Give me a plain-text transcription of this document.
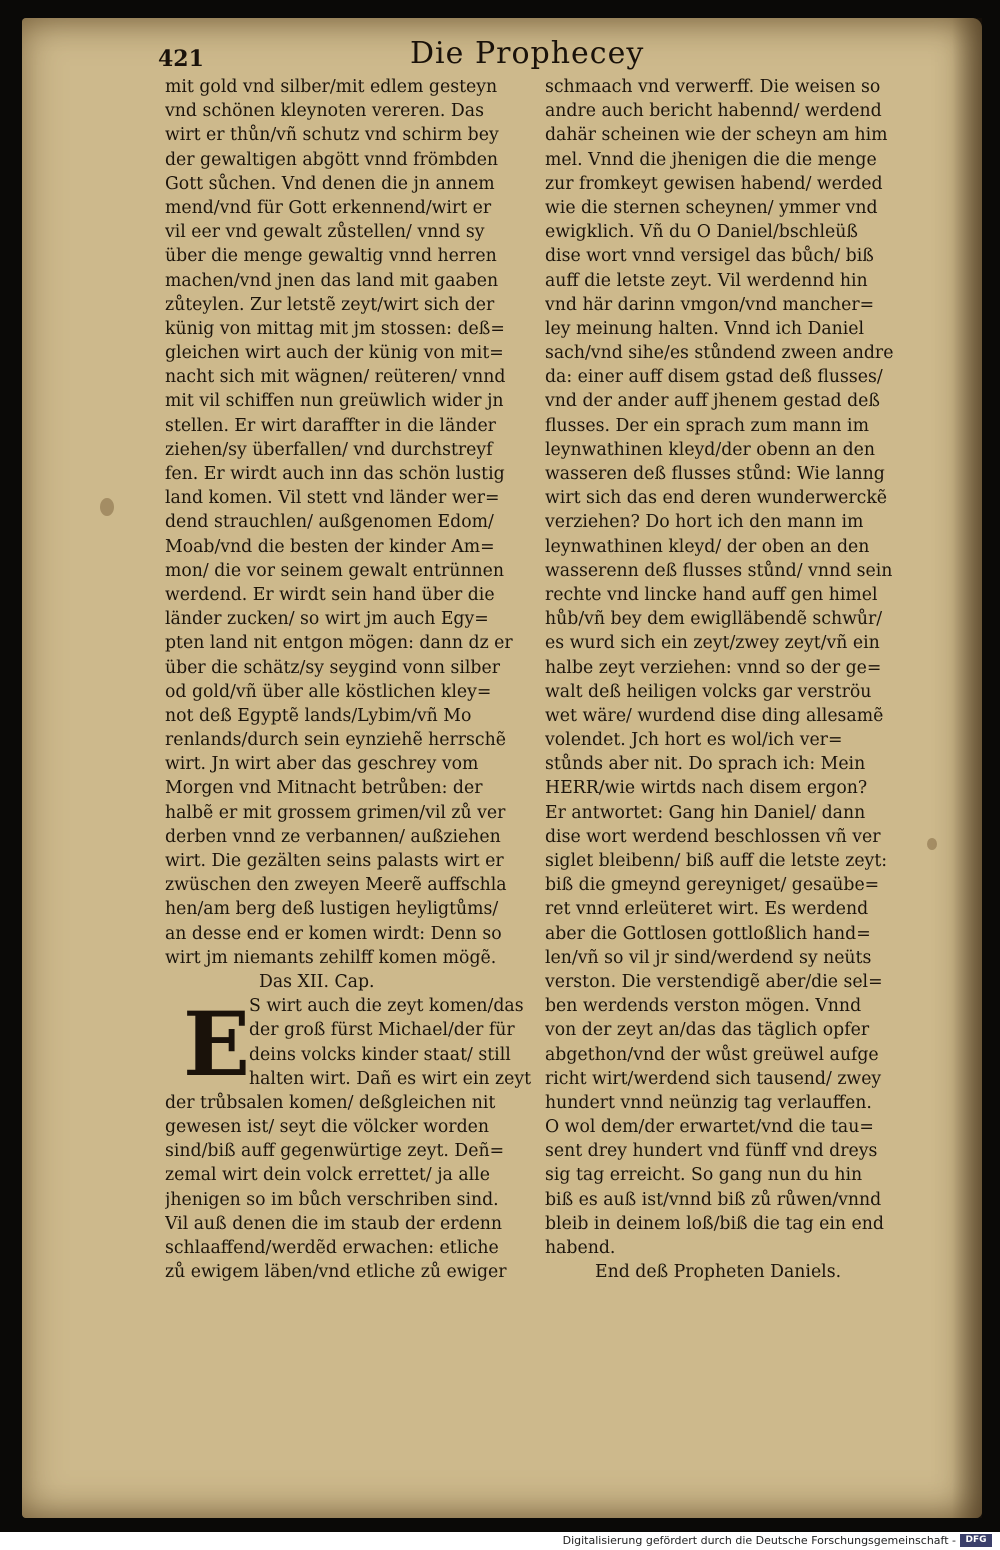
421	Die Prophecey
mit gold vnd silber/mit edlem gesteyn
vnd schönen kleynoten vereren. Das
wirt er thůn/vñ schutz vnd schirm bey
der gewaltigen abgött vnnd frömbden
Gott sůchen. Vnd denen die jn annem
mend/vnd für Gott erkennend/wirt er
vil eer vnd gewalt zůstellen/ vnnd sy
über die menge gewaltig vnnd herren
machen/vnd jnen das land mit gaaben
zůteylen. Zur letstẽ zeyt/wirt sich der
künig von mittag mit jm stossen: deß=
gleichen wirt auch der künig von mit=
nacht sich mit wägnen/ reüteren/ vnnd
mit vil schiffen nun greüwlich wider jn
stellen. Er wirt daraffter in die länder
ziehen/sy überfallen/ vnd durchstreyf
fen. Er wirdt auch inn das schön lustig
land komen. Vil stett vnd länder wer=
dend strauchlen/ außgenomen Edom/
Moab/vnd die besten der kinder Am=
mon/ die vor seinem gewalt entrünnen
werdend. Er wirdt sein hand über die
länder zucken/ so wirt jm auch Egy=
pten land nit entgon mögen: dann dz er
über die schätz/sy seygind vonn silber
od gold/vñ über alle köstlichen kley=
not deß Egyptẽ lands/Lybim/vñ Mo
renlands/durch sein eynziehẽ herrschẽ
wirt. Jn wirt aber das geschrey vom
Morgen vnd Mitnacht betrůben: der
halbẽ er mit grossem grimen/vil zů ver
derben vnnd ze verbannen/ außziehen
wirt. Die gezälten seins palasts wirt er
zwüschen den zweyen Meerẽ auffschla
hen/am berg deß lustigen heyligtůms/
an desse end er komen wirdt: Denn so
wirt jm niemants zehilff komen mögẽ.
Das XII. Cap.
E
S wirt auch die zeyt komen/das
der groß fürst Michael/der für
deins volcks kinder staat/ still
halten wirt. Dañ es wirt ein zeyt
der trůbsalen komen/ deßgleichen nit
gewesen ist/ seyt die völcker worden
sind/biß auff gegenwürtige zeyt. Deñ=
zemal wirt dein volck errettet/ ja alle
jhenigen so im bůch verschriben sind.
Vil auß denen die im staub der erdenn
schlaaffend/werdẽd erwachen: etliche
zů ewigem läben/vnd etliche zů ewiger
schmaach vnd verwerff. Die weisen so
andre auch bericht habennd/ werdend
dahär scheinen wie der scheyn am him
mel. Vnnd die jhenigen die die menge
zur fromkeyt gewisen habend/ werded
wie die sternen scheynen/ ymmer vnd
ewigklich. Vñ du O Daniel/bschleüß
dise wort vnnd versigel das bůch/ biß
auff die letste zeyt. Vil werdennd hin
vnd här darinn vmgon/vnd mancher=
ley meinung halten. Vnnd ich Daniel
sach/vnd sihe/es stůndend zween andre
da: einer auff disem gstad deß flusses/
vnd der ander auff jhenem gestad deß
flusses. Der ein sprach zum mann im
leynwathinen kleyd/der obenn an den
wasseren deß flusses stůnd: Wie lanng
wirt sich das end deren wunderwerckẽ
verziehen? Do hort ich den mann im
leynwathinen kleyd/ der oben an den
wasserenn deß flusses stůnd/ vnnd sein
rechte vnd lincke hand auff gen himel
hůb/vñ bey dem ewiglläbendẽ schwůr/
es wurd sich ein zeyt/zwey zeyt/vñ ein
halbe zeyt verziehen: vnnd so der ge=
walt deß heiligen volcks gar verströu
wet wäre/ wurdend dise ding allesamẽ
volendet. Jch hort es wol/ich ver=
stůnds aber nit. Do sprach ich: Mein
HERR/wie wirtds nach disem ergon?
Er antwortet: Gang hin Daniel/ dann
dise wort werdend beschlossen vñ ver
siglet bleibenn/ biß auff die letste zeyt:
biß die gmeynd gereyniget/ gesaübe=
ret vnnd erleüteret wirt. Es werdend
aber die Gottlosen gottloßlich hand=
len/vñ so vil jr sind/werdend sy neüts
verston. Die verstendigẽ aber/die sel=
ben werdends verston mögen. Vnnd
von der zeyt an/das das täglich opfer
abgethon/vnd der wůst greüwel aufge
richt wirt/werdend sich tausend/ zwey
hundert vnnd neünzig tag verlauffen.
O wol dem/der erwartet/vnd die tau=
sent drey hundert vnd fünff vnd dreys
sig tag erreicht. So gang nun du hin
biß es auß ist/vnnd biß zů růwen/vnnd
bleib in deinem loß/biß die tag ein end
habend.
End deß Propheten Daniels.
Digitalisierung gefördert durch die Deutsche Forschungsgemeinschaft -	DFG
